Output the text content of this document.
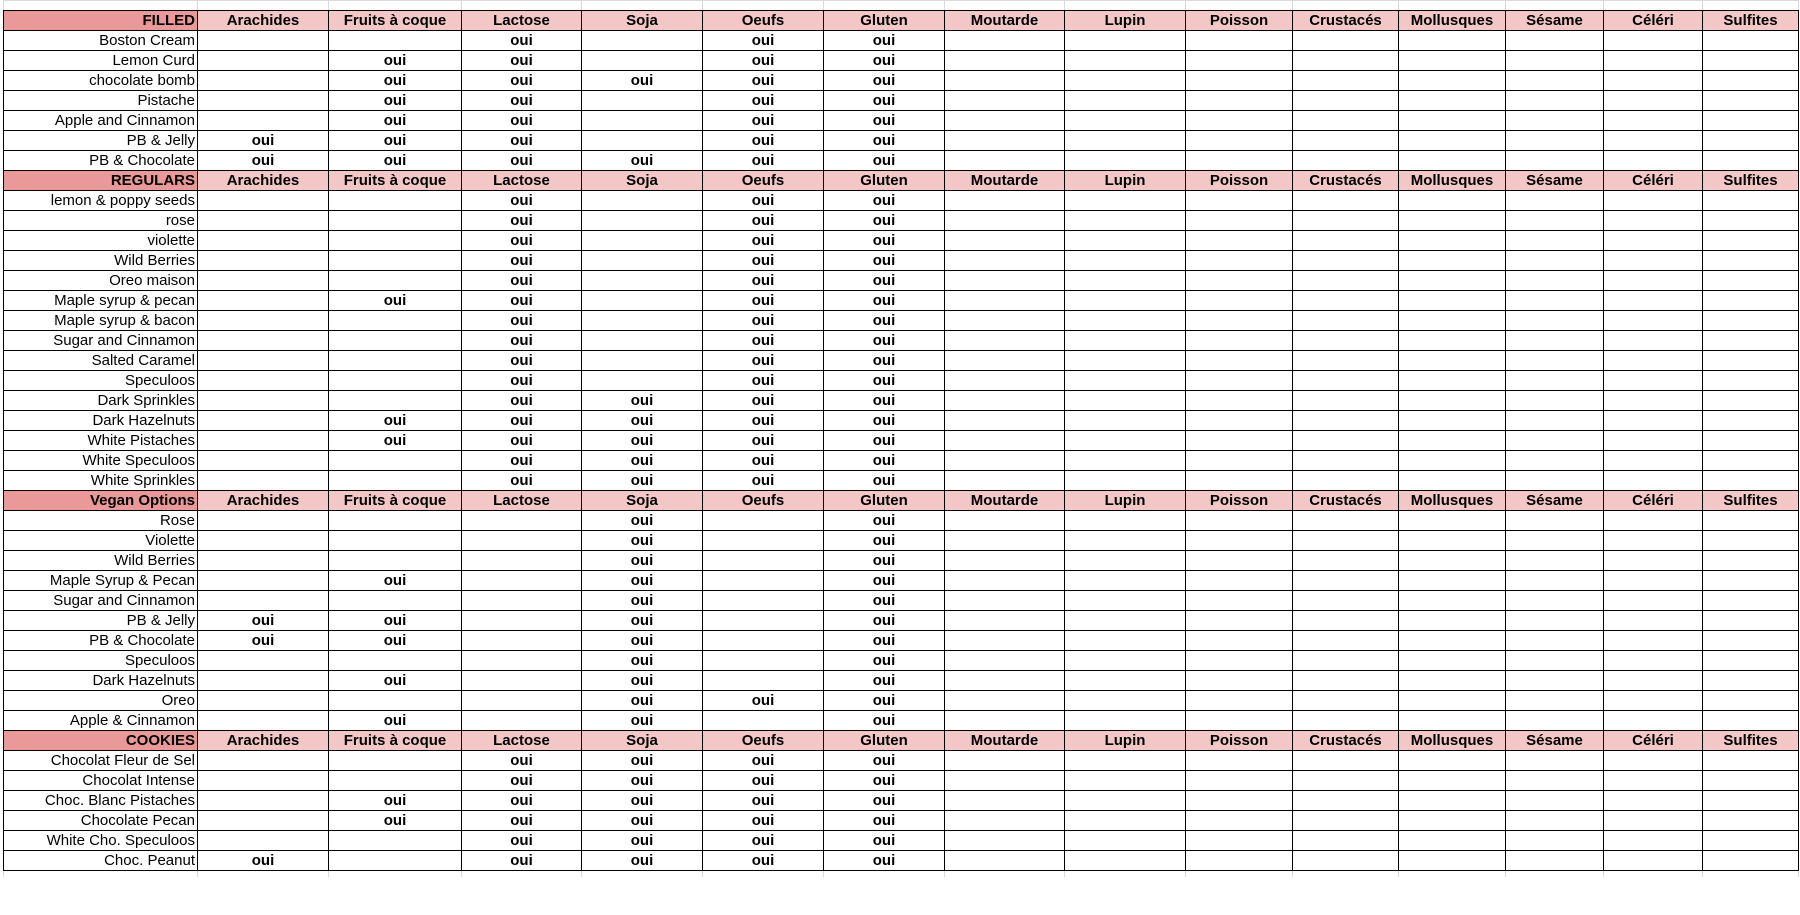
FILLED	Arachides	Fruits à coque	Lactose	Soja	Oeufs	Gluten	Moutarde	Lupin	Poisson	Crustacés	Mollusques	Sésame	Céléri	Sulfites
Boston Cream			oui		oui	oui								
Lemon Curd		oui	oui		oui	oui								
chocolate bomb		oui	oui	oui	oui	oui								
Pistache		oui	oui		oui	oui								
Apple and Cinnamon		oui	oui		oui	oui								
PB & Jelly	oui	oui	oui		oui	oui								
PB & Chocolate	oui	oui	oui	oui	oui	oui								
REGULARS	Arachides	Fruits à coque	Lactose	Soja	Oeufs	Gluten	Moutarde	Lupin	Poisson	Crustacés	Mollusques	Sésame	Céléri	Sulfites
lemon & poppy seeds			oui		oui	oui								
rose			oui		oui	oui								
violette			oui		oui	oui								
Wild Berries			oui		oui	oui								
Oreo maison			oui		oui	oui								
Maple syrup & pecan		oui	oui		oui	oui								
Maple syrup & bacon			oui		oui	oui								
Sugar and Cinnamon			oui		oui	oui								
Salted Caramel			oui		oui	oui								
Speculoos			oui		oui	oui								
Dark Sprinkles			oui	oui	oui	oui								
Dark Hazelnuts		oui	oui	oui	oui	oui								
White Pistaches		oui	oui	oui	oui	oui								
White Speculoos			oui	oui	oui	oui								
White Sprinkles			oui	oui	oui	oui								
Vegan Options	Arachides	Fruits à coque	Lactose	Soja	Oeufs	Gluten	Moutarde	Lupin	Poisson	Crustacés	Mollusques	Sésame	Céléri	Sulfites
Rose				oui		oui								
Violette				oui		oui								
Wild Berries				oui		oui								
Maple Syrup & Pecan		oui		oui		oui								
Sugar and Cinnamon				oui		oui								
PB & Jelly	oui	oui		oui		oui								
PB & Chocolate	oui	oui		oui		oui								
Speculoos				oui		oui								
Dark Hazelnuts		oui		oui		oui								
Oreo				oui	oui	oui								
Apple & Cinnamon		oui		oui		oui								
COOKIES	Arachides	Fruits à coque	Lactose	Soja	Oeufs	Gluten	Moutarde	Lupin	Poisson	Crustacés	Mollusques	Sésame	Céléri	Sulfites
Chocolat Fleur de Sel			oui	oui	oui	oui								
Chocolat Intense			oui	oui	oui	oui								
Choc. Blanc Pistaches		oui	oui	oui	oui	oui								
Chocolate Pecan		oui	oui	oui	oui	oui								
White Cho. Speculoos			oui	oui	oui	oui								
Choc. Peanut	oui		oui	oui	oui	oui								
